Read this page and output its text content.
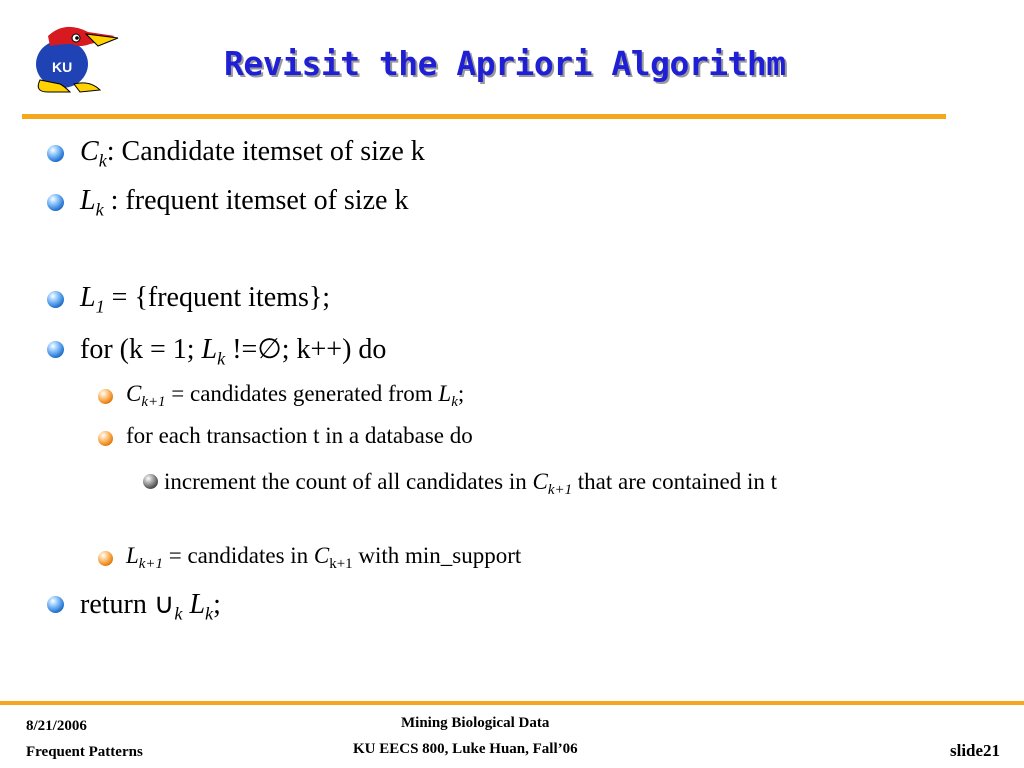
KU	Revisit the Apriori Algorithm
$C_k$: Candidate itemset of size k
$L_k$ : frequent itemset of size k
$L_1$ = {frequent items};
for (k = 1; $L_k$ !=∅; k++) do
$C_{k+1}$ = candidates generated from $L_k$;
for each transaction t in a database do
increment the count of all candidates in $C_{k+1}$ that are contained in t
$L_{k+1}$ = candidates in $C_{k+1}$ with min_support
return $\cup_k$ $L_k$;
8/21/2006
Frequent Patterns
Mining Biological Data
KU EECS 800, Luke Huan, Fall’06	slide21
